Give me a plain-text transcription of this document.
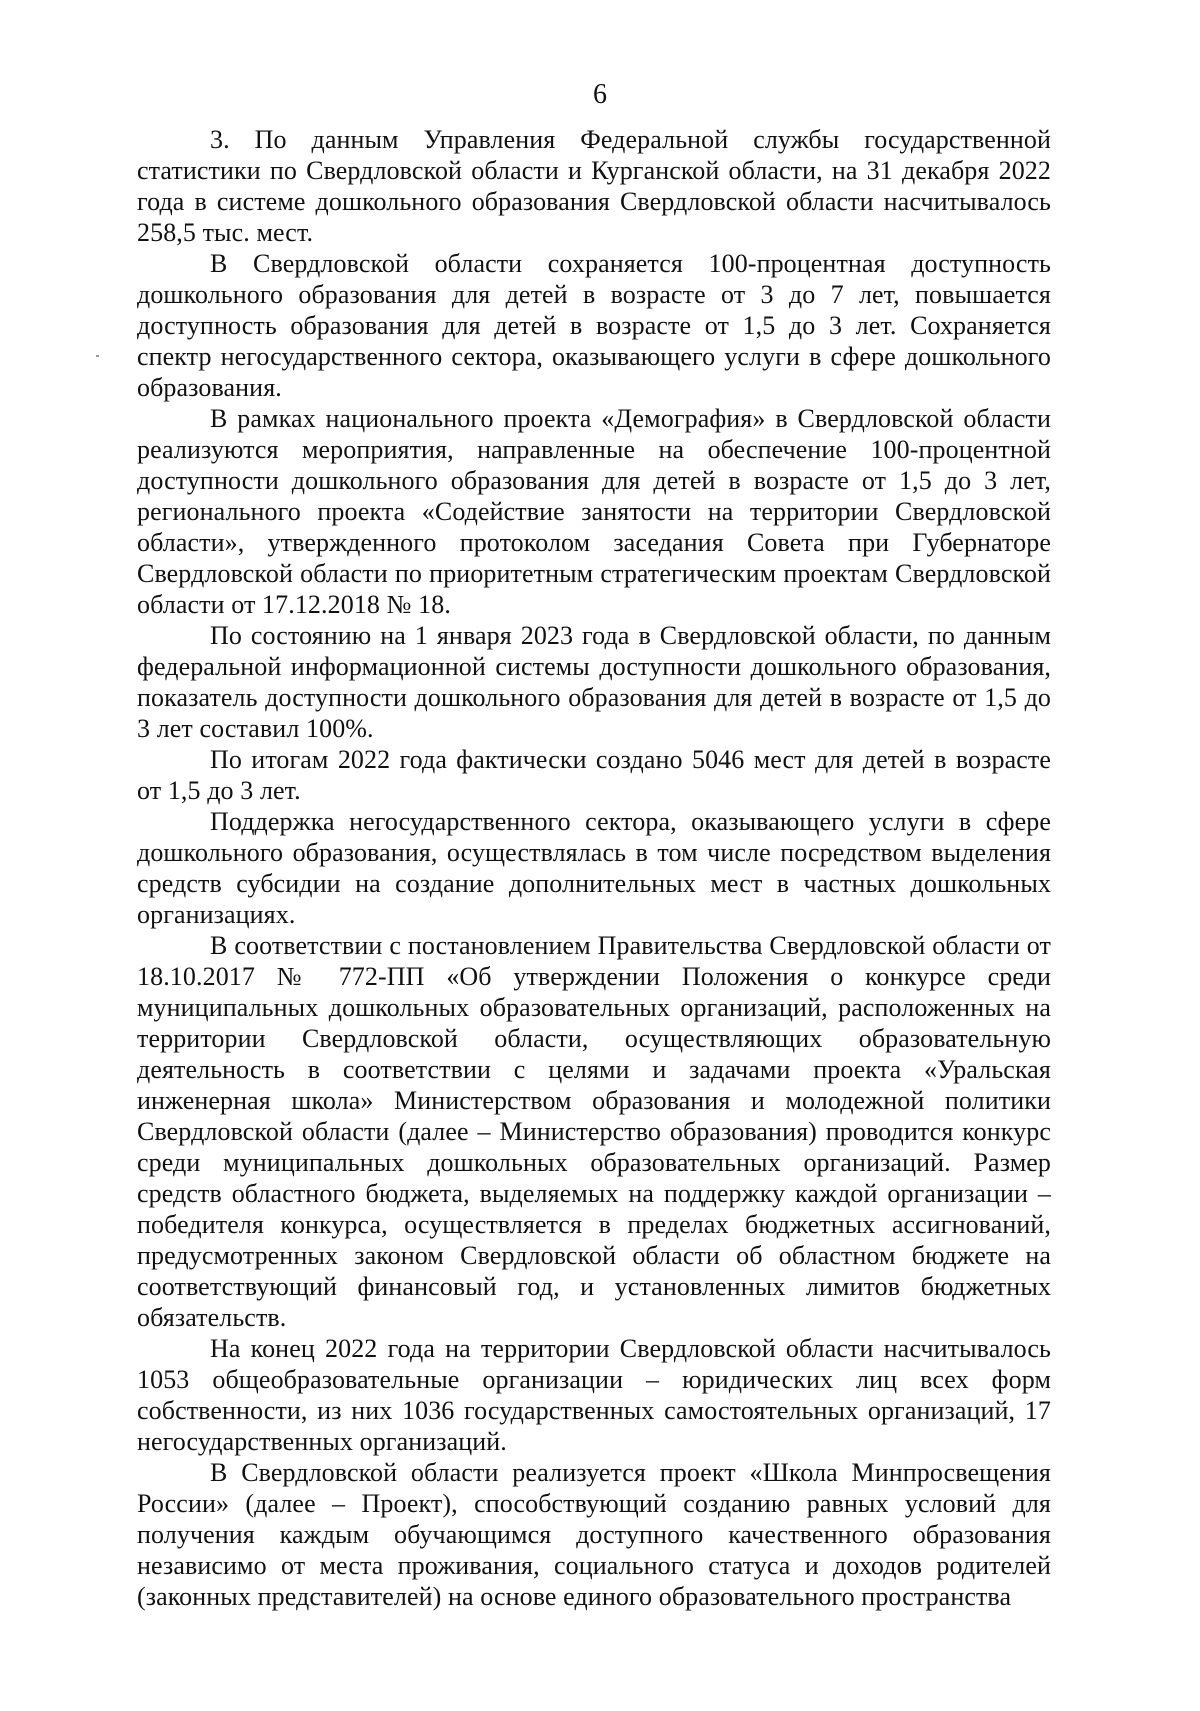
6

3. По данным Управления Федеральной службы государственной статистики по Свердловской области и Курганской области, на 31 декабря 2022 года в системе дошкольного образования Свердловской области насчитывалось 258,5 тыс. мест.

В Свердловской области сохраняется 100-процентная доступность дошкольного образования для детей в возрасте от 3 до 7 лет, повышается доступность образования для детей в возрасте от 1,5 до 3 лет. Сохраняется спектр негосударственного сектора, оказывающего услуги в сфере дошкольного образования.

В рамках национального проекта «Демография» в Свердловской области реализуются мероприятия, направленные на обеспечение 100-процентной доступности дошкольного образования для детей в возрасте от 1,5 до 3 лет, регионального проекта «Содействие занятости на территории Свердловской области», утвержденного протоколом заседания Совета при Губернаторе Свердловской области по приоритетным стратегическим проектам Свердловской области от 17.12.2018 № 18.

По состоянию на 1 января 2023 года в Свердловской области, по данным федеральной информационной системы доступности дошкольного образования, показатель доступности дошкольного образования для детей в возрасте от 1,5 до 3 лет составил 100%.

По итогам 2022 года фактически создано 5046 мест для детей в возрасте от 1,5 до 3 лет.

Поддержка негосударственного сектора, оказывающего услуги в сфере дошкольного образования, осуществлялась в том числе посредством выделения средств субсидии на создание дополнительных мест в частных дошкольных организациях.

В соответствии с постановлением Правительства Свердловской области от 18.10.2017 № 772-ПП «Об утверждении Положения о конкурсе среди муниципальных дошкольных образовательных организаций, расположенных на территории Свердловской области, осуществляющих образовательную деятельность в соответствии с целями и задачами проекта «Уральская инженерная школа» Министерством образования и молодежной политики Свердловской области (далее – Министерство образования) проводится конкурс среди муниципальных дошкольных образовательных организаций. Размер средств областного бюджета, выделяемых на поддержку каждой организации – победителя конкурса, осуществляется в пределах бюджетных ассигнований, предусмотренных законом Свердловской области об областном бюджете на соответствующий финансовый год, и установленных лимитов бюджетных обязательств.

На конец 2022 года на территории Свердловской области насчитывалось 1053 общеобразовательные организации – юридических лиц всех форм собственности, из них 1036 государственных самостоятельных организаций, 17 негосударственных организаций.

В Свердловской области реализуется проект «Школа Минпросвещения России» (далее – Проект), способствующий созданию равных условий для получения каждым обучающимся доступного качественного образования независимо от места проживания, социального статуса и доходов родителей (законных представителей) на основе единого образовательного пространства
